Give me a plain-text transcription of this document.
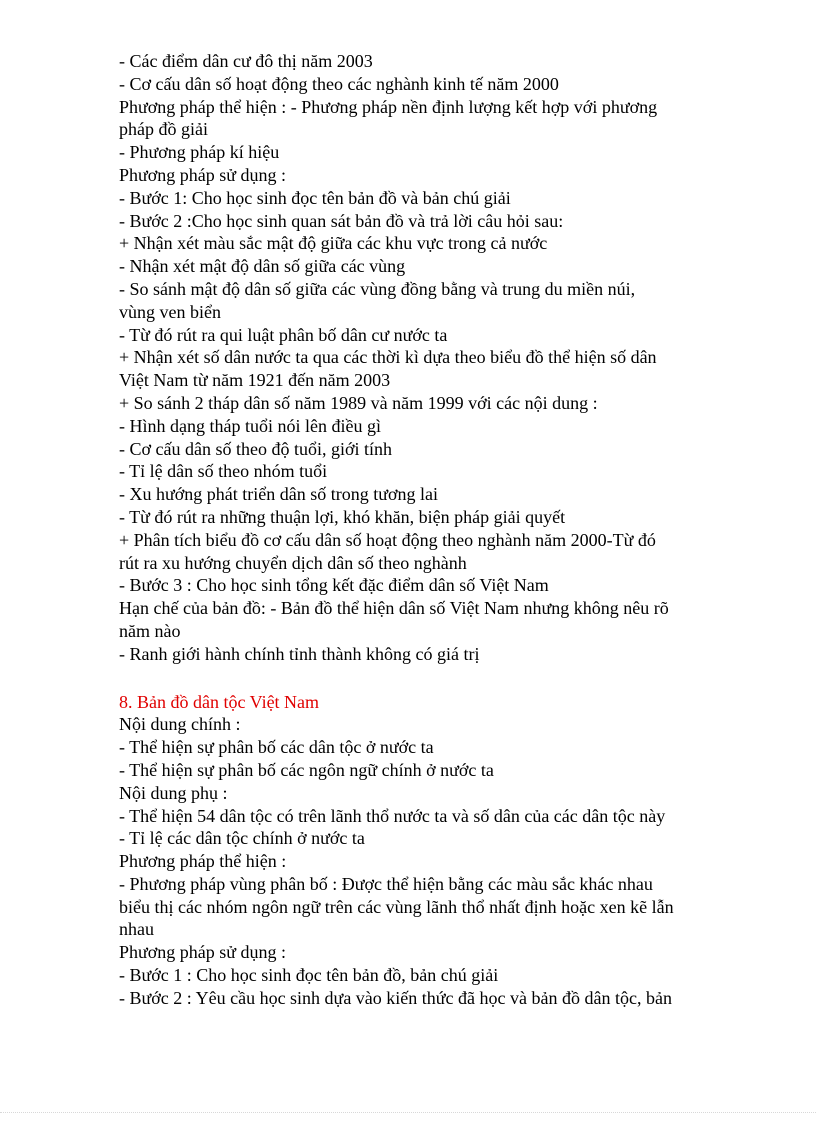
- Các điểm dân cư đô thị năm 2003
- Cơ cấu dân số hoạt động theo các nghành kinh tế năm 2000
Phương pháp thể hiện : - Phương pháp nền định lượng kết hợp với phương
pháp đồ giải
- Phương pháp kí hiệu
Phương pháp sử dụng :
- Bước 1: Cho học sinh đọc tên bản đồ và bản chú giải
- Bước 2 :Cho học sinh quan sát bản đồ và trả lời câu hỏi sau:
+ Nhận xét màu sắc mật độ giữa các khu vực trong cả nước
- Nhận xét mật độ dân số giữa các vùng
- So sánh mật độ dân số giữa các vùng đồng bằng và trung du miền núi,
vùng ven biển
- Từ đó rút ra qui luật phân bố dân cư nước ta
+ Nhận xét số dân nước ta qua các thời kì dựa theo biểu đồ thể hiện số dân
Việt Nam từ năm 1921 đến năm 2003
+ So sánh 2 tháp dân số năm 1989 và năm 1999 với các nội dung :
- Hình dạng tháp tuổi nói lên điều gì
- Cơ cấu dân số theo độ tuổi, giới tính
- Tỉ lệ dân số theo nhóm tuổi
- Xu hướng phát triển dân số trong tương lai
- Từ đó rút ra những thuận lợi, khó khăn, biện pháp giải quyết
+ Phân tích biểu đồ cơ cấu dân số hoạt động theo nghành năm 2000-Từ đó
rút ra xu hướng chuyển dịch dân số theo nghành
- Bước 3 : Cho học sinh tổng kết đặc điểm dân số Việt Nam
Hạn chế của bản đồ: - Bản đồ thể hiện dân số Việt Nam nhưng không nêu rõ
năm nào
- Ranh giới hành chính tỉnh thành không có giá trị
8. Bản đồ dân tộc Việt Nam
Nội dung chính :
- Thể hiện sự phân bố các dân tộc ở nước ta
- Thể hiện sự phân bố các ngôn ngữ chính ở nước ta
Nội dung phụ :
- Thể hiện 54 dân tộc có trên lãnh thổ nước ta và số dân của các dân tộc này
- Tỉ lệ các dân tộc chính ở nước ta
Phương pháp thể hiện :
- Phương pháp vùng phân bố : Được thể hiện bằng các màu sắc khác nhau
biểu thị các nhóm ngôn ngữ trên các vùng lãnh thổ nhất định hoặc xen kẽ lẫn
nhau
Phương pháp sử dụng :
- Bước 1 : Cho học sinh đọc tên bản đồ, bản chú giải
- Bước 2 : Yêu cầu học sinh dựa vào kiến thức đã học và bản đồ dân tộc, bản
